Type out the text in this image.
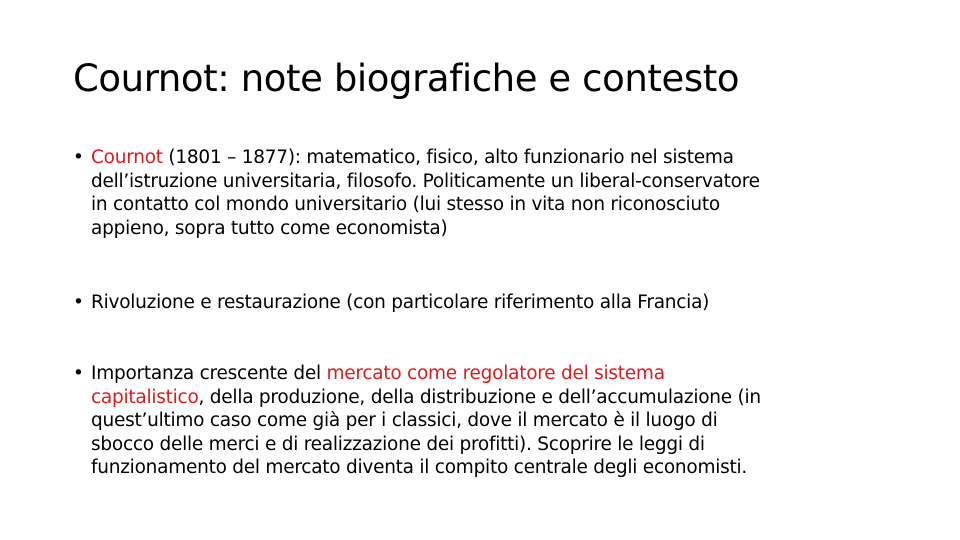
Cournot: note biografiche e contesto
• Cournot (1801 – 1877): matematico, fisico, alto funzionario nel sistema
dell’istruzione universitaria, filosofo. Politicamente un liberal-conservatore
in contatto col mondo universitario (lui stesso in vita non riconosciuto
appieno, sopra tutto come economista)
• Rivoluzione e restaurazione (con particolare riferimento alla Francia)
• Importanza crescente del mercato come regolatore del sistema
capitalistico, della produzione, della distribuzione e dell’accumulazione (in
quest’ultimo caso come già per i classici, dove il mercato è il luogo di
sbocco delle merci e di realizzazione dei profitti). Scoprire le leggi di
funzionamento del mercato diventa il compito centrale degli economisti.
